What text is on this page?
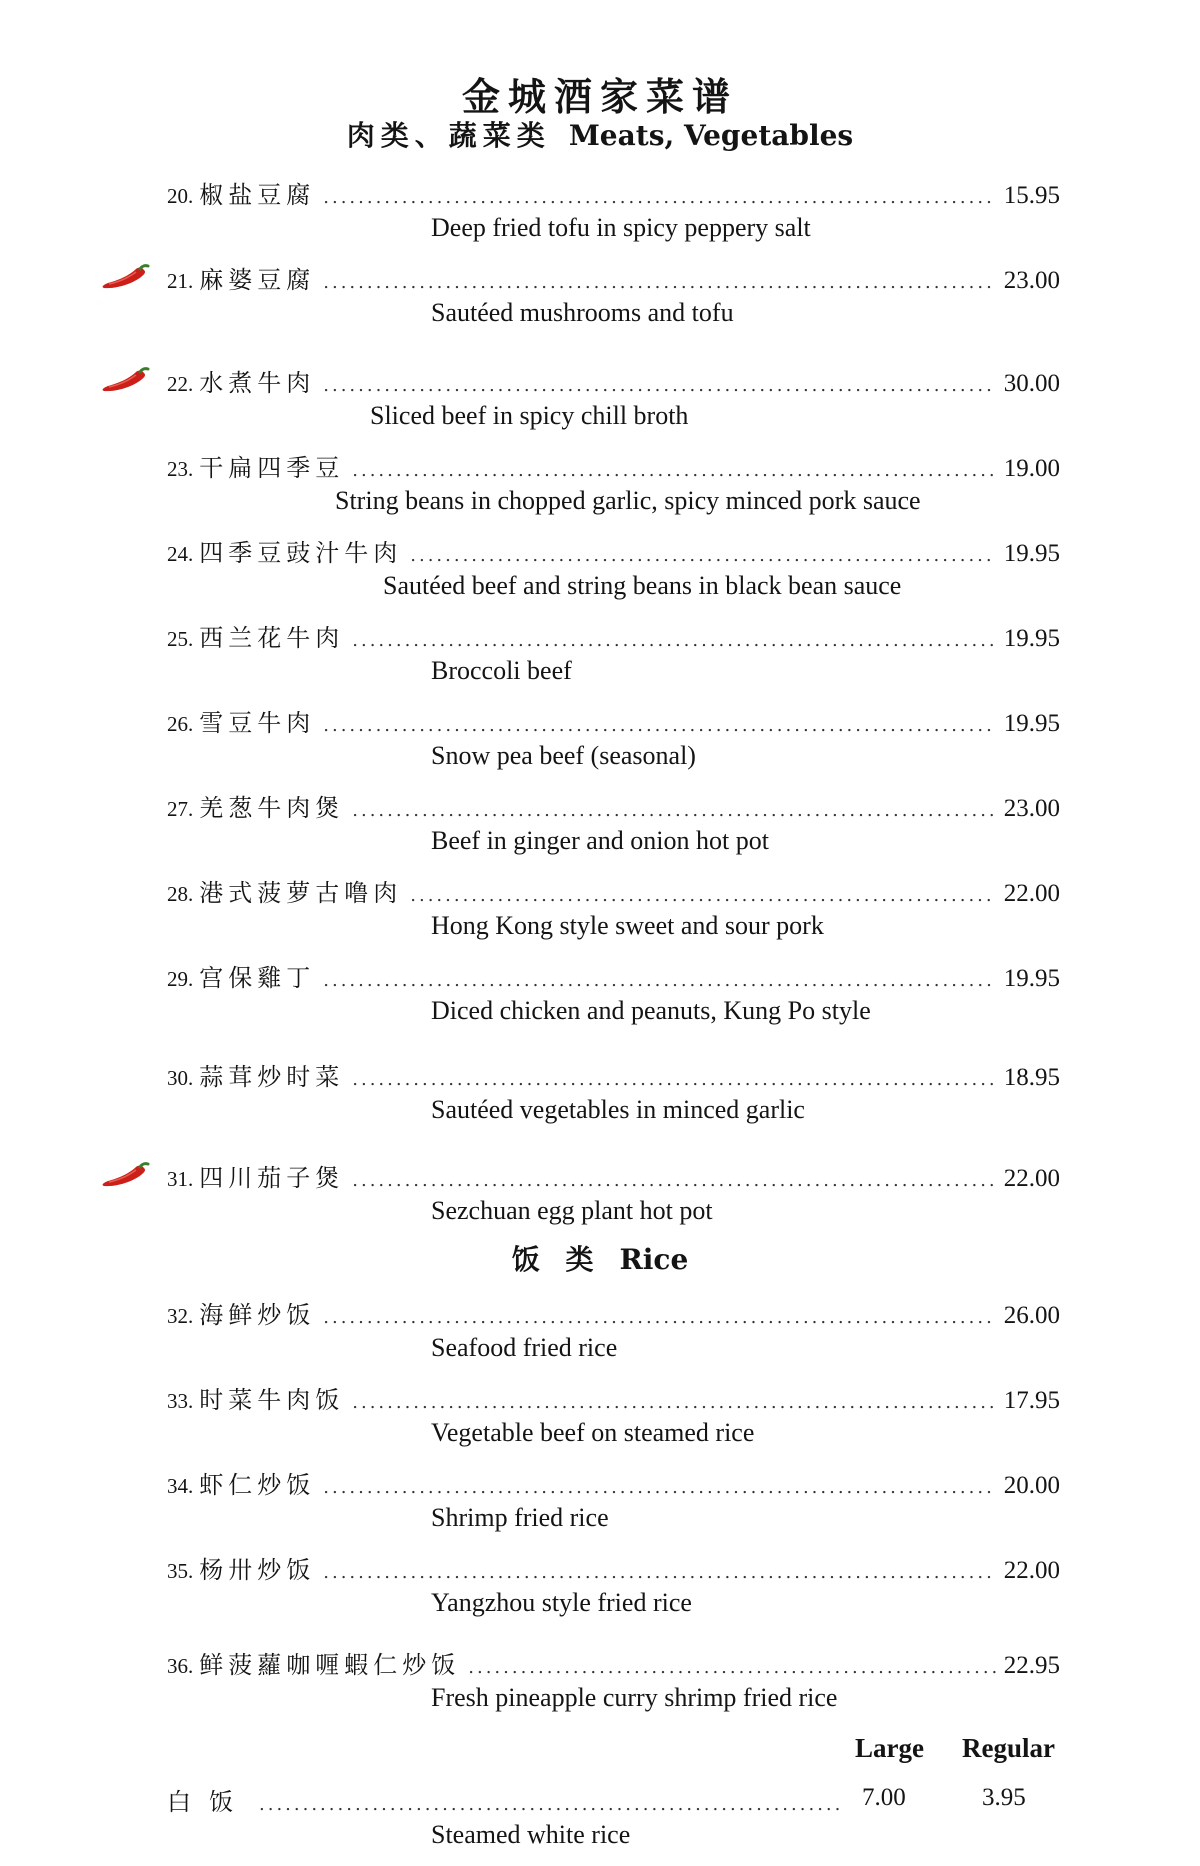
金城酒家菜谱
肉类、蔬菜类 Meats, Vegetables
20. 椒盐豆腐 .....	15.95
Deep fried tofu in spicy peppery salt
21. 麻婆豆腐 .....	23.00
Sautéed mushrooms and tofu
22. 水煮牛肉 .....	30.00
Sliced beef in spicy chill broth
23. 干扁四季豆 .....	19.00
String beans in chopped garlic, spicy minced pork sauce
24. 四季豆豉汁牛肉 .....	19.95
Sautéed beef and string beans in black bean sauce
25. 西兰花牛肉 .....	19.95
Broccoli beef
26. 雪豆牛肉 .....	19.95
Snow pea beef (seasonal)
27. 羌葱牛肉煲 .....	23.00
Beef in ginger and onion hot pot
28. 港式菠萝古噜肉 .....	22.00
Hong Kong style sweet and sour pork
29. 宫保雞丁 .....	19.95
Diced chicken and peanuts, Kung Po style
30. 蒜茸炒时菜 .....	18.95
Sautéed vegetables in minced garlic
31. 四川茄子煲 .....	22.00
Sezchuan egg plant hot pot
饭 类 Rice
32. 海鲜炒饭 .....	26.00
Seafood fried rice
33. 时菜牛肉饭 .....	17.95
Vegetable beef on steamed rice
34. 虾仁炒饭 .....	20.00
Shrimp fried rice
35. 杨卅炒饭 .....	22.00
Yangzhou style fried rice
36. 鲜菠蘿咖喱蝦仁炒饭 .....	22.95
Fresh pineapple curry shrimp fried rice
Large Regular
白饭 .....	7.00	3.95
Steamed white rice
